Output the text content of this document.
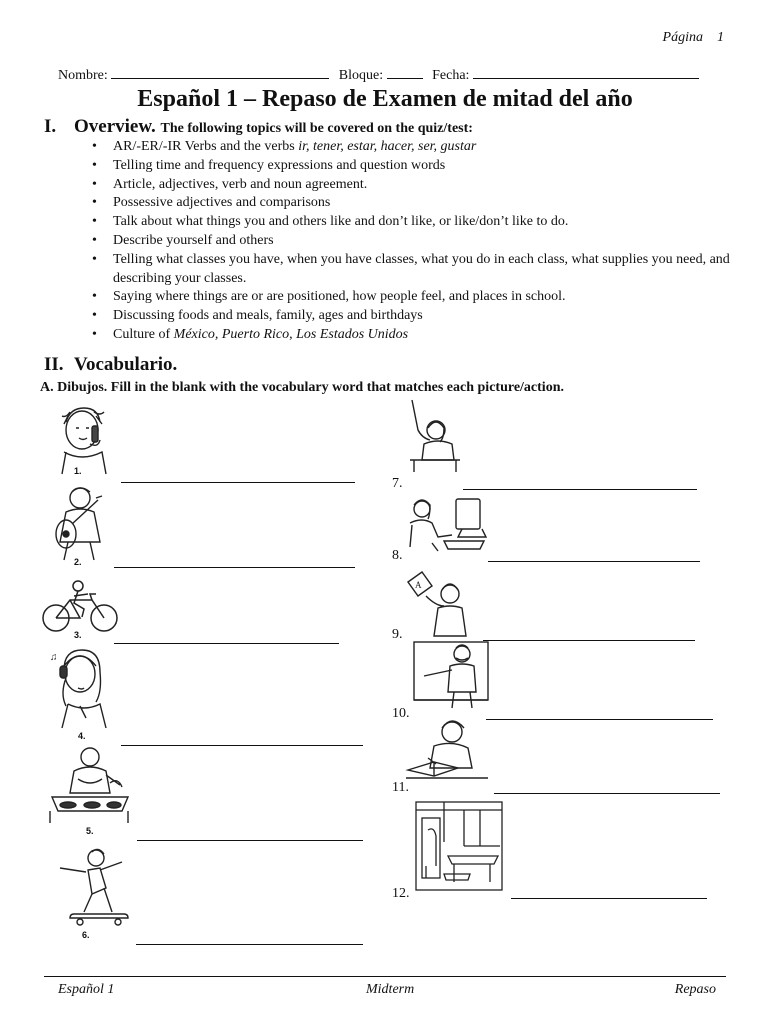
Página 1
Nombre:	Bloque:	Fecha:
Español 1 – Repaso de Examen de mitad del año
I. Overview. The following topics will be covered on the quiz/test:
• AR/-ER/-IR Verbs and the verbs ir, tener, estar, hacer, ser, gustar
• Telling time and frequency expressions and question words
• Article, adjectives, verb and noun agreement.
• Possessive adjectives and comparisons
• Talk about what things you and others like and don’t like, or like/don’t like to do.
• Describe yourself and others
• Telling what classes you have, when you have classes, what you do in each class, what supplies you need, and describing your classes.
• Saying where things are or are positioned, how people feel, and places in school.
• Discussing foods and meals, family, ages and birthdays
• Culture of México, Puerto Rico, Los Estados Unidos
II. Vocabulario.
A. Dibujos. Fill in the blank with the vocabulary word that matches each picture/action.
1.
2.
3.
♫
4.
5.
6.
7.
8.
A
9.
10.
11.
12.
Español 1	Midterm	Repaso
